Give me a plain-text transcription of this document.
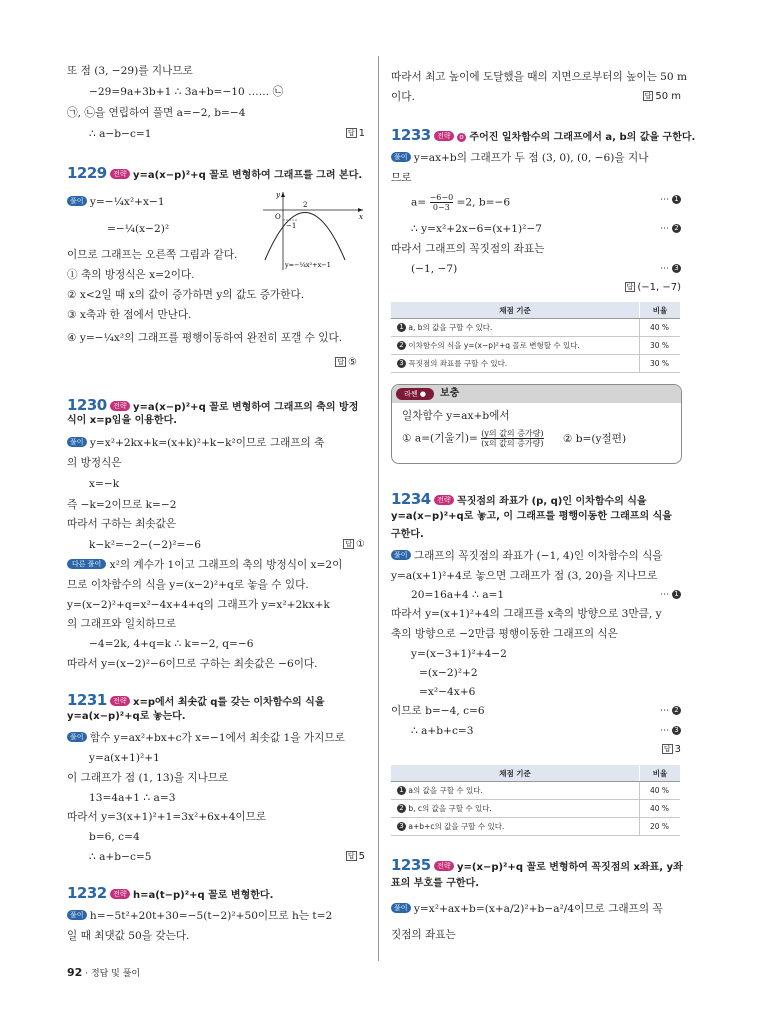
또 점 (3, −29)를 지나므로
−29=9a+3b+1 ∴ 3a+b=−10 …… ㉡
㉠, ㉡을 연립하여 풀면 a=−2, b=−4
∴ a−b−c=1	답 1
1229 전략 y=a(x−p)²+q 꼴로 변형하여 그래프를 그려 본다.
풀이 y=−¼x²+x−1
=−¼(x−2)²
이므로 그래프는 오른쪽 그림과 같다.
① 축의 방정식은 x=2이다.
② x<2일 때 x의 값이 증가하면 y의 값도 증가한다.
③ x축과 한 점에서 만난다.
④ y=−¼x²의 그래프를 평행이동하여 완전히 포갤 수 있다.
답 ⑤
y
x
O
2
−1
y=−¼x²+x−1
1230 전략 y=a(x−p)²+q 꼴로 변형하여 그래프의 축의 방정
식이 x=p임을 이용한다.
풀이 y=x²+2kx+k=(x+k)²+k−k²이므로 그래프의 축
의 방정식은
x=−k
즉 −k=2이므로 k=−2
따라서 구하는 최솟값은
k−k²=−2−(−2)²=−6	답 ①
다른 풀이 x²의 계수가 1이고 그래프의 축의 방정식이 x=2이
므로 이차함수의 식을 y=(x−2)²+q로 놓을 수 있다.
y=(x−2)²+q=x²−4x+4+q의 그래프가 y=x²+2kx+k
의 그래프와 일치하므로
−4=2k, 4+q=k ∴ k=−2, q=−6
따라서 y=(x−2)²−6이므로 구하는 최솟값은 −6이다.
1231 전략 x=p에서 최솟값 q를 갖는 이차함수의 식을
y=a(x−p)²+q로 놓는다.
풀이 함수 y=ax²+bx+c가 x=−1에서 최솟값 1을 가지므로
y=a(x+1)²+1
이 그래프가 점 (1, 13)을 지나므로
13=4a+1 ∴ a=3
따라서 y=3(x+1)²+1=3x²+6x+4이므로
b=6, c=4
∴ a+b−c=5	답 5
1232 전략 h=a(t−p)²+q 꼴로 변형한다.
풀이 h=−5t²+20t+30=−5(t−2)²+50이므로 h는 t=2
일 때 최댓값 50을 갖는다.
따라서 최고 높이에 도달했을 때의 지면으로부터의 높이는 50 m
이다.	답 50 m
1233 전략 o 주어진 일차함수의 그래프에서 a, b의 값을 구한다.
풀이 y=ax+b의 그래프가 두 점 (3, 0), (0, −6)을 지나
므로
$a= \frac{-6-0}{0-3} =2$, b=−6	⋯ 1
∴ y=x²+2x−6=(x+1)²−7	⋯ 2
따라서 그래프의 꼭짓점의 좌표는
(−1, −7)	⋯ 3
답 (−1, −7)
채점 기준	비율
1 a, b의 값을 구할 수 있다.	40 %
2 이차함수의 식을 y=(x−p)²+q 꼴로 변형할 수 있다.	30 %
3 꼭짓점의 좌표를 구할 수 있다.	30 %
라쎈 ●	보충
일차함수 y=ax+b에서
① a=(기울기)= $\frac{\text{(y의 값의 증가량)}}{\text{(x의 값의 증가량)}}$ ② b=(y절편)
1234 전략 꼭짓점의 좌표가 (p, q)인 이차함수의 식을
y=a(x−p)²+q로 놓고, 이 그래프를 평행이동한 그래프의 식을
구한다.
풀이 그래프의 꼭짓점의 좌표가 (−1, 4)인 이차함수의 식을
y=a(x+1)²+4로 놓으면 그래프가 점 (3, 20)을 지나므로
20=16a+4 ∴ a=1	⋯ 1
따라서 y=(x+1)²+4의 그래프를 x축의 방향으로 3만큼, y
축의 방향으로 −2만큼 평행이동한 그래프의 식은
y=(x−3+1)²+4−2
=(x−2)²+2
=x²−4x+6
이므로 b=−4, c=6	⋯ 2
∴ a+b+c=3	⋯ 3
답 3
채점 기준	비율
1 a의 값을 구할 수 있다.	40 %
2 b, c의 값을 구할 수 있다.	40 %
3 a+b+c의 값을 구할 수 있다.	20 %
1235 전략 y=(x−p)²+q 꼴로 변형하여 꼭짓점의 x좌표, y좌
표의 부호를 구한다.
풀이 y=x²+ax+b=(x+a/2)²+b−a²/4이므로 그래프의 꼭
짓점의 좌표는
92 · 정답 및 풀이
